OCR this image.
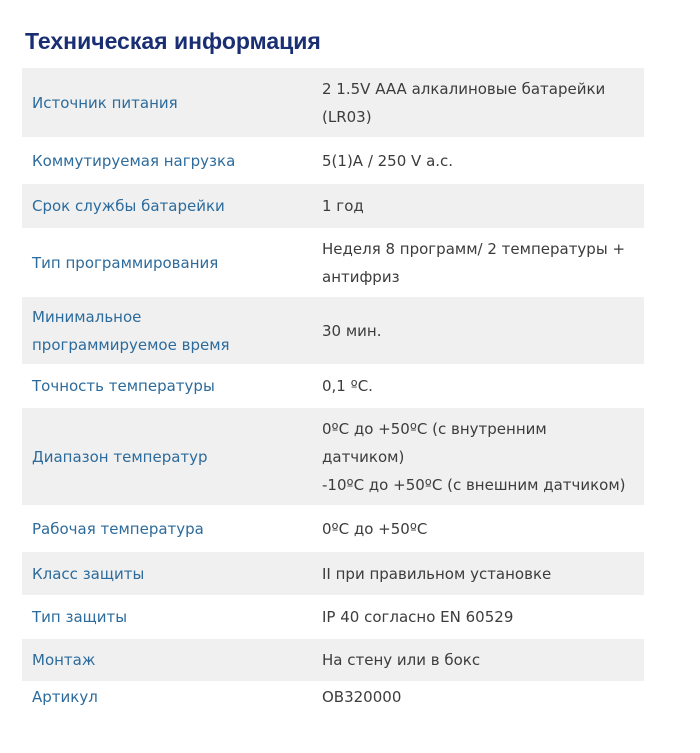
Техническая информация
Источник питания	2 1.5V AAA алкалиновые батарейки
(LR03)

Коммутируемая нагрузка	5(1)A / 250 V a.c.

Срок службы батарейки	1 год

Тип программирования	Неделя 8 программ/ 2 температуры +
антифриз

Минимальное
программируемое время	30 мин.

Точность температуры	0,1 ºC.

Диапазон температур	0ºC до +50ºC (с внутренним
датчиком)
-10ºC до +50ºC (с внешним датчиком)

Рабочая температура	0ºC до +50ºC

Класс защиты	II при правильном установке

Тип защиты	IP 40 согласно EN 60529

Монтаж	На стену или в бокс

Артикул	OB320000
